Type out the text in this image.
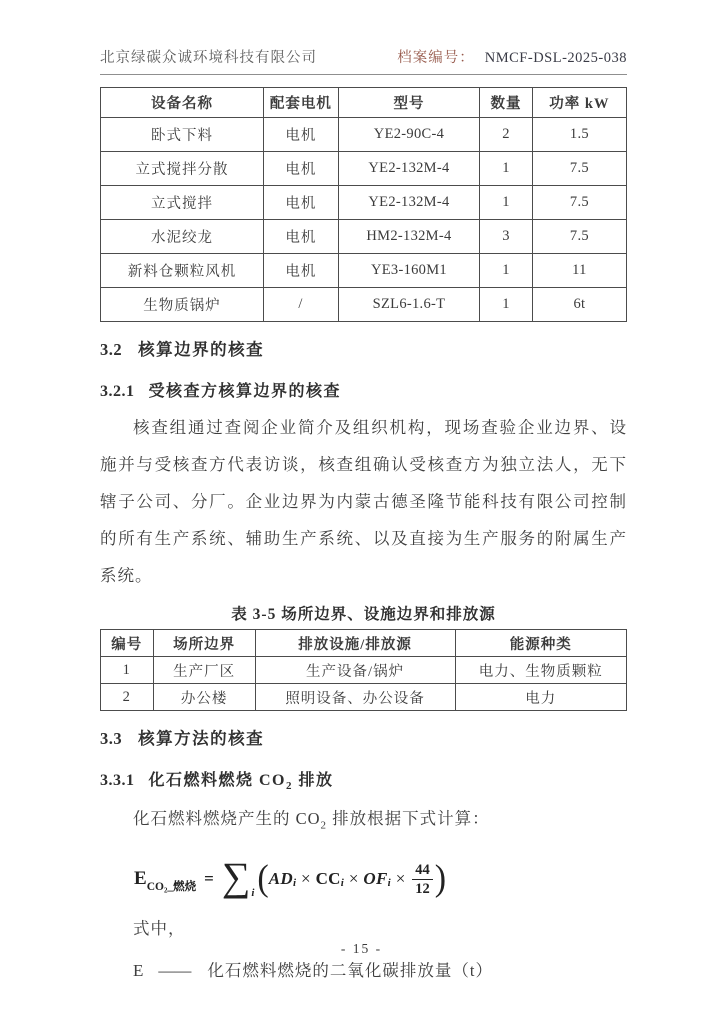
北京绿碳众诚环境科技有限公司	档案编号： NMCF-DSL-2025-038
设备名称	配套电机	型号	数量	功率 kW
卧式下料	电机	YE2-90C-4	2	1.5
立式搅拌分散	电机	YE2-132M-4	1	7.5
立式搅拌	电机	YE2-132M-4	1	7.5
水泥绞龙	电机	HM2-132M-4	3	7.5
新料仓颗粒风机	电机	YE3-160M1	1	11
生物质锅炉	/	SZL6-1.6-T	1	6t
3.2 核算边界的核查
3.2.1 受核查方核算边界的核查
核查组通过查阅企业简介及组织机构，现场查验企业边界、设
施并与受核查方代表访谈，核查组确认受核查方为独立法人，无下
辖子公司、分厂。企业边界为内蒙古德圣隆节能科技有限公司控制
的所有生产系统、辅助生产系统、以及直接为生产服务的附属生产
系统。
表 3-5 场所边界、设施边界和排放源
编号	场所边界	排放设施/排放源	能源种类
1	生产厂区	生产设备/锅炉	电力、生物质颗粒
2	办公楼	照明设备、办公设备	电力
3.3 核算方法的核查
3.3.1 化石燃料燃烧 $CO_2$ 排放
化石燃料燃烧产生的 $CO_2$ 排放根据下式计算：
E CO₂_燃烧 = ∑ i ( AD i × CC i × OF $i \times \frac{44}{12}$ )
式中，
E —— 化石燃料燃烧的二氧化碳排放量（t）
- 15 -
